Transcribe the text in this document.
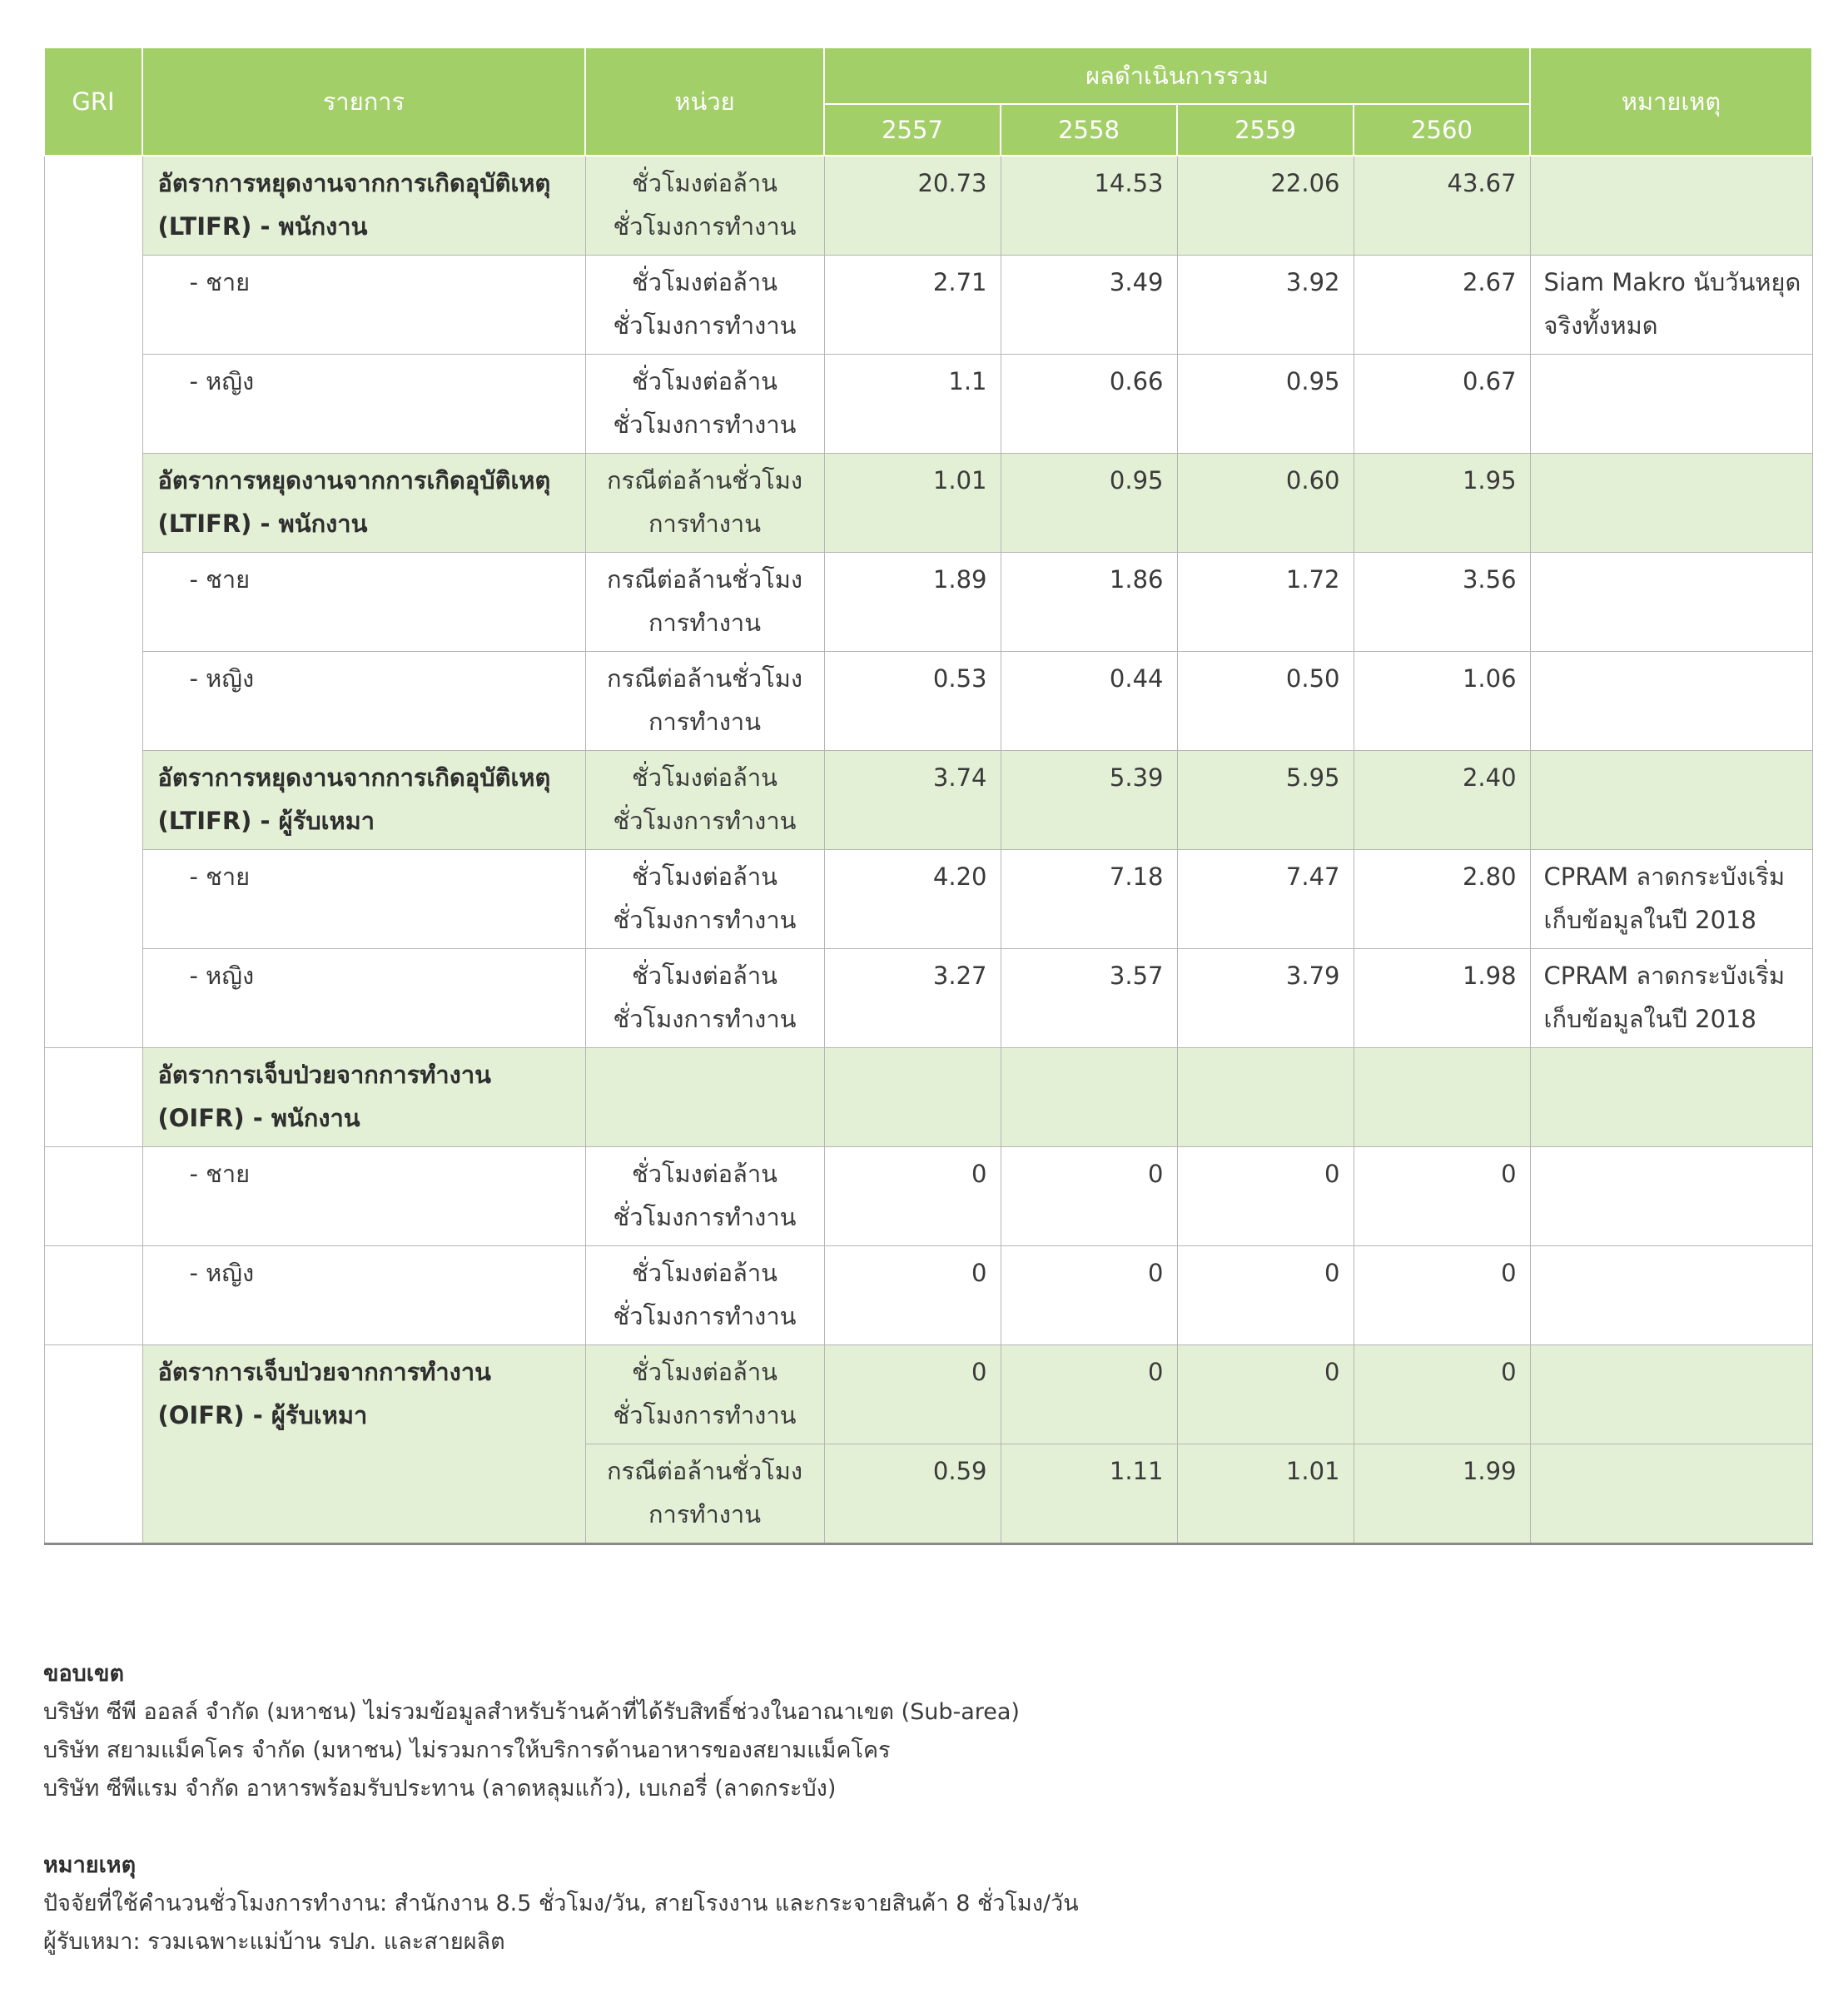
GRI	รายการ	หน่วย	ผลดำเนินการรวม				หมายเหตุ
			2557	2558	2559	2560	
	อัตราการหยุดงานจากการเกิดอุบัติเหตุ (LTIFR) - พนักงาน	ชั่วโมงต่อล้านชั่วโมงการทำงาน	20.73	14.53	22.06	43.67	
	- ชาย	ชั่วโมงต่อล้านชั่วโมงการทำงาน	2.71	3.49	3.92	2.67	Siam Makro นับวันหยุดจริงทั้งหมด
	- หญิง	ชั่วโมงต่อล้านชั่วโมงการทำงาน	1.1	0.66	0.95	0.67	
	อัตราการหยุดงานจากการเกิดอุบัติเหตุ (LTIFR) - พนักงาน	กรณีต่อล้านชั่วโมงการทำงาน	1.01	0.95	0.60	1.95	
	- ชาย	กรณีต่อล้านชั่วโมงการทำงาน	1.89	1.86	1.72	3.56	
	- หญิง	กรณีต่อล้านชั่วโมงการทำงาน	0.53	0.44	0.50	1.06	
	อัตราการหยุดงานจากการเกิดอุบัติเหตุ (LTIFR) - ผู้รับเหมา	ชั่วโมงต่อล้านชั่วโมงการทำงาน	3.74	5.39	5.95	2.40	
	- ชาย	ชั่วโมงต่อล้านชั่วโมงการทำงาน	4.20	7.18	7.47	2.80	CPRAM ลาดกระบังเริ่มเก็บข้อมูลในปี 2018
	- หญิง	ชั่วโมงต่อล้านชั่วโมงการทำงาน	3.27	3.57	3.79	1.98	CPRAM ลาดกระบังเริ่มเก็บข้อมูลในปี 2018
	อัตราการเจ็บป่วยจากการทำงาน (OIFR) - พนักงาน						
	- ชาย	ชั่วโมงต่อล้านชั่วโมงการทำงาน	0	0	0	0	
	- หญิง	ชั่วโมงต่อล้านชั่วโมงการทำงาน	0	0	0	0	
	อัตราการเจ็บป่วยจากการทำงาน (OIFR) - ผู้รับเหมา	ชั่วโมงต่อล้านชั่วโมงการทำงาน	0	0	0	0	
		กรณีต่อล้านชั่วโมงการทำงาน	0.59	1.11	1.01	1.99	
ขอบเขต
บริษัท ซีพี ออลล์ จำกัด (มหาชน) ไม่รวมข้อมูลสำหรับร้านค้าที่ได้รับสิทธิ์ช่วงในอาณาเขต (Sub-area)
บริษัท สยามแม็คโคร จำกัด (มหาชน) ไม่รวมการให้บริการด้านอาหารของสยามแม็คโคร
บริษัท ซีพีแรม จำกัด อาหารพร้อมรับประทาน (ลาดหลุมแก้ว), เบเกอรี่ (ลาดกระบัง)
หมายเหตุ
ปัจจัยที่ใช้คำนวนชั่วโมงการทำงาน: สำนักงาน 8.5 ชั่วโมง/วัน, สายโรงงาน และกระจายสินค้า 8 ชั่วโมง/วัน
ผู้รับเหมา: รวมเฉพาะแม่บ้าน รปภ. และสายผลิต
